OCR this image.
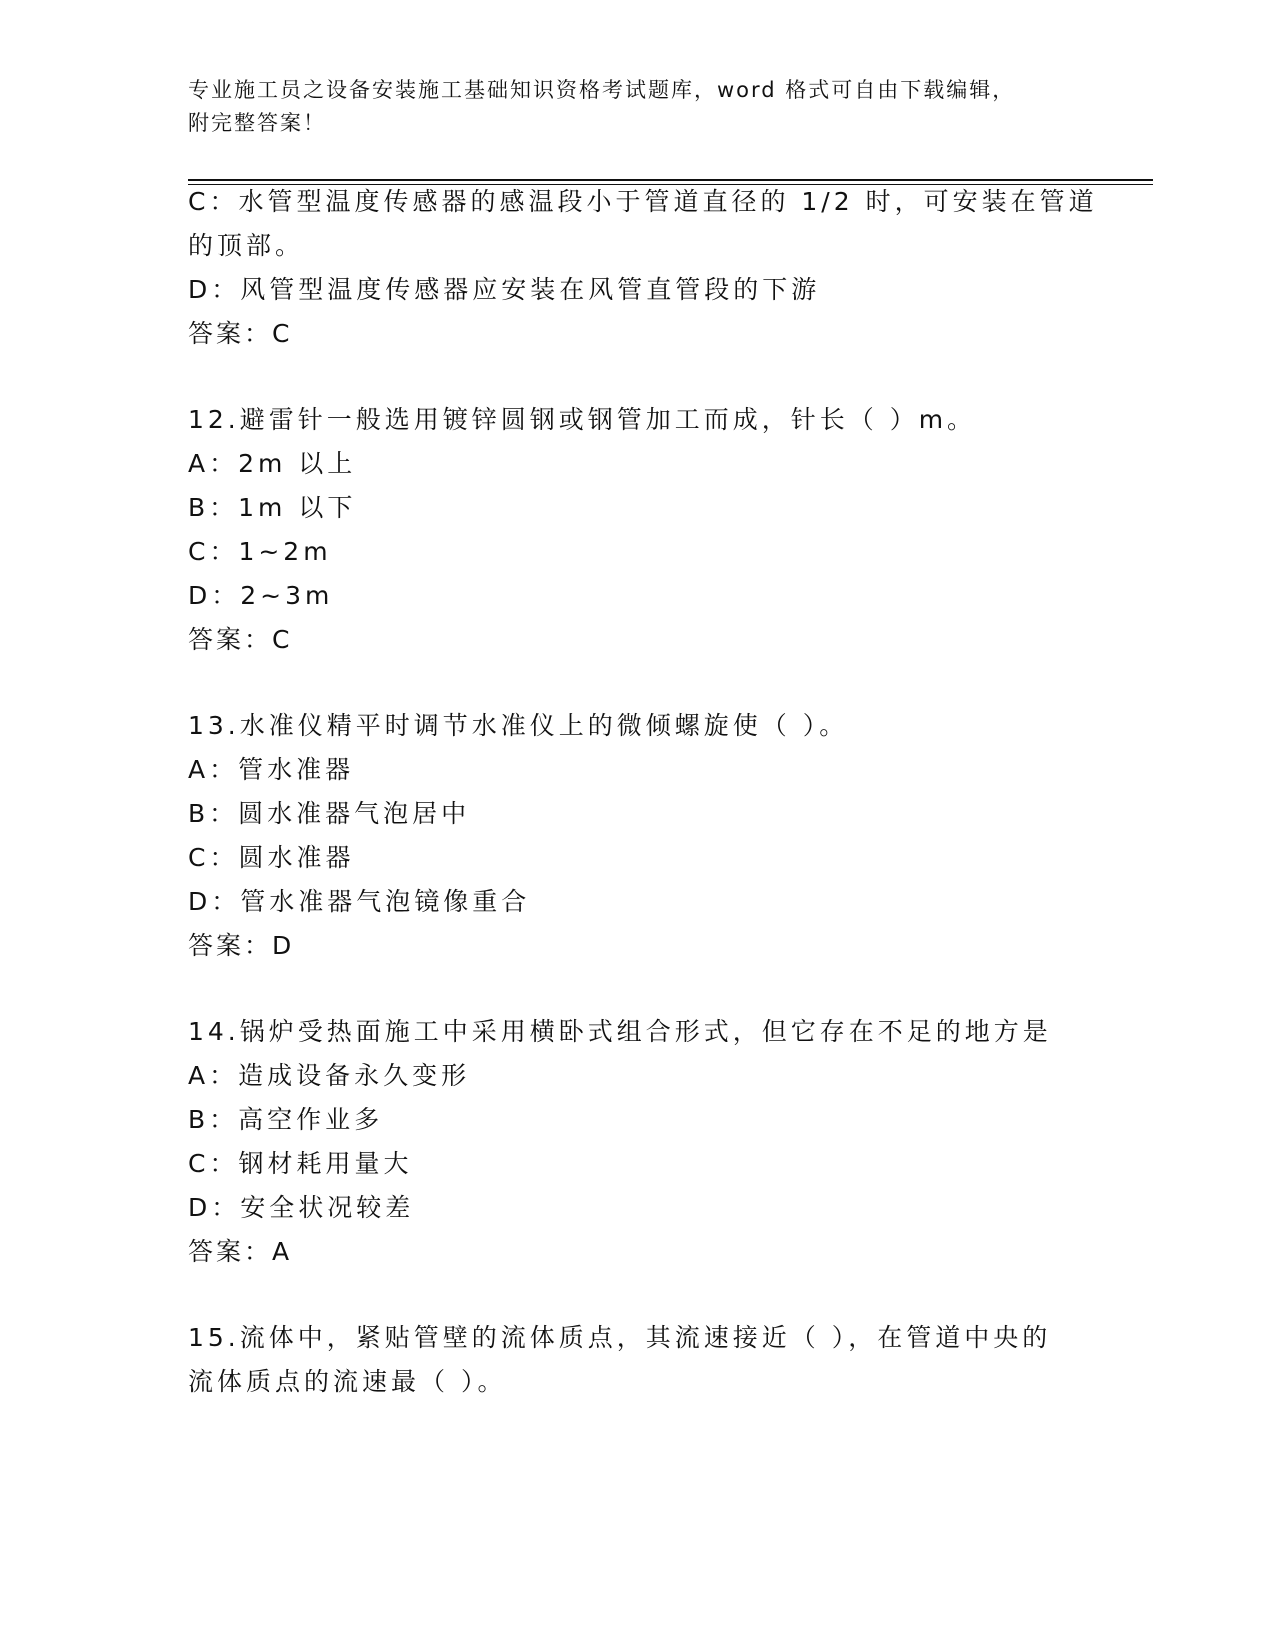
专业施工员之设备安装施工基础知识资格考试题库，word 格式可自由下载编辑，
附完整答案！
C：水管型温度传感器的感温段小于管道直径的 1/2 时，可安装在管道
的顶部。
D：风管型温度传感器应安装在风管直管段的下游
答案：C
12.避雷针一般选用镀锌圆钢或钢管加工而成，针长（ ）m。
A：2m 以上
B：1m 以下
C：1~2m
D：2~3m
答案：C
13.水准仪精平时调节水准仪上的微倾螺旋使（ ）。
A：管水准器
B：圆水准器气泡居中
C：圆水准器
D：管水准器气泡镜像重合
答案：D
14.锅炉受热面施工中采用横卧式组合形式，但它存在不足的地方是
A：造成设备永久变形
B：高空作业多
C：钢材耗用量大
D：安全状况较差
答案：A
15.流体中，紧贴管壁的流体质点，其流速接近（ ），在管道中央的
流体质点的流速最（ ）。
